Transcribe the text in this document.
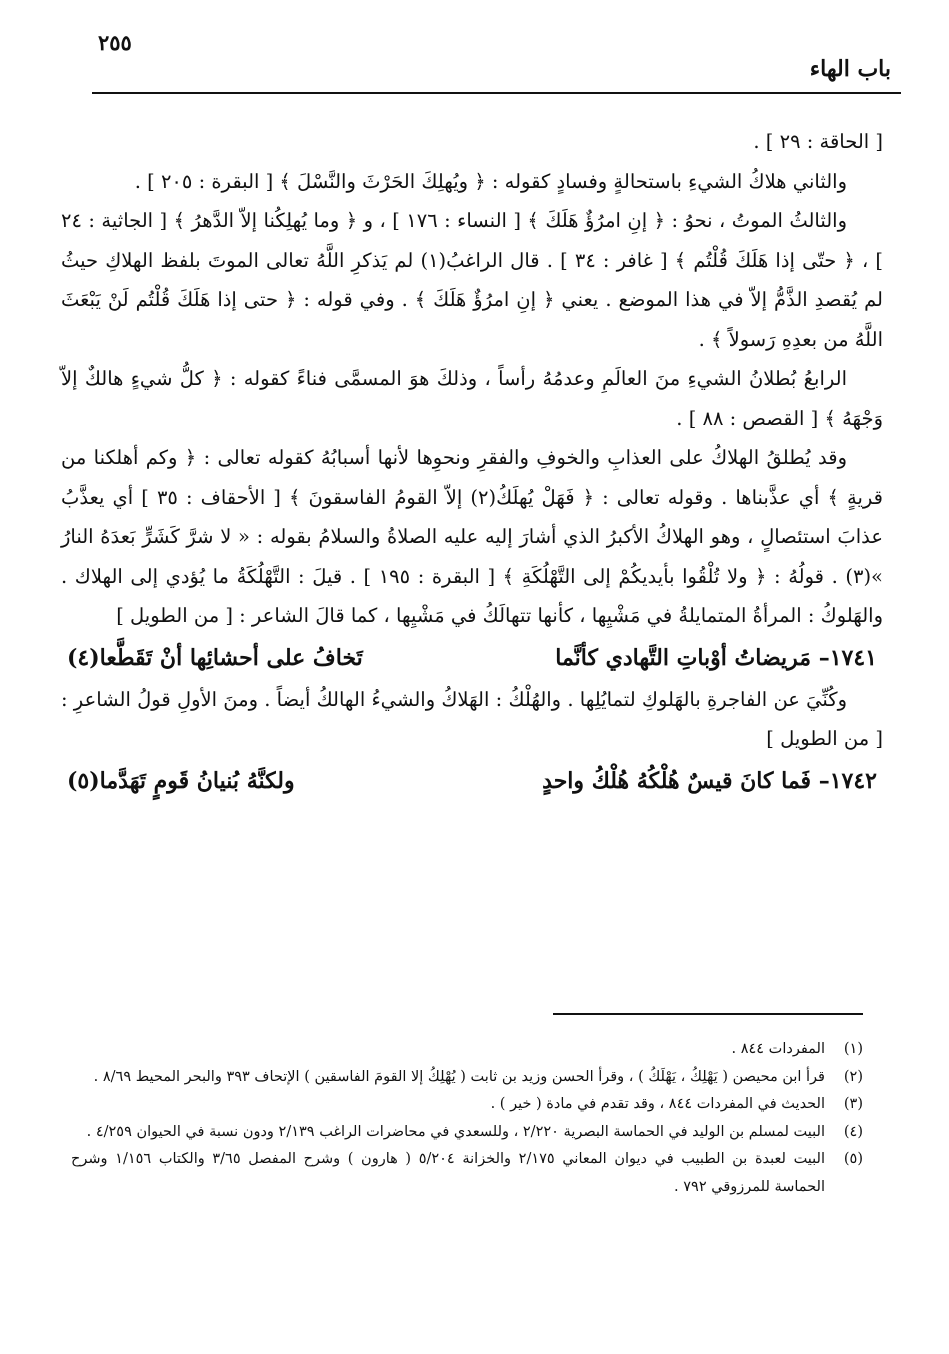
٢٥٥
باب الهاء

[ الحاقة : ٢٩ ] .

والثاني هلاكُ الشيءِ باستحالةٍ وفسادٍ كقوله : ﴿ ويُهلِكَ الحَرْثَ والنَّسْلَ ﴾ [ البقرة : ٢٠٥ ] .

والثالثُ الموتُ ، نحوُ : ﴿ إنِ امرُؤٌ هَلَكَ ﴾ [ النساء : ١٧٦ ] ، و ﴿ وما يُهلِكُنا إلاّ الدَّهرُ ﴾ [ الجاثية : ٢٤ ] ، ﴿ حتّى إذا هَلَكَ قُلْتُم ﴾ [ غافر : ٣٤ ] . قال الراغبُ(١) لم يَذكرِ اللَّهُ تعالى الموتَ بلفظ الهلاكِ حيثُ لم يُقصدِ الذَّمُّ إلاّ في هذا الموضع . يعني ﴿ إنِ امرُؤٌ هَلَكَ ﴾ . وفي قوله : ﴿ حتى إذا هَلَكَ قُلْتُم لَنْ يَبْعَثَ اللَّهُ من بعدِهِ رَسولاً ﴾ .

الرابعُ بُطلانُ الشيءِ منَ العالَمِ وعدمُهُ رأساً ، وذلكَ هوَ المسمَّى فناءً كقوله : ﴿ كلُّ شيءٍ هالكٌ إلاّ وَجْهَهُ ﴾ [ القصص : ٨٨ ] .

وقد يُطلقُ الهلاكُ على العذابِ والخوفِ والفقرِ ونحوِها لأنها أسبابُهُ كقوله تعالى : ﴿ وكم أهلكنا من قريةٍ ﴾ أي عذَّبناها . وقوله تعالى : ﴿ فَهَلْ يُهلَكُ(٢) إلاّ القومُ الفاسقونَ ﴾ [ الأحقاف : ٣٥ ] أي يعذَّبُ عذابَ استئصالٍ ، وهو الهلاكُ الأكبرُ الذي أشارَ إليه عليه الصلاةُ والسلامُ بقوله : « لا شرَّ كَشَرٍّ بَعدَهُ النارُ »(٣) . قولُهُ : ﴿ ولا تُلْقُوا بأيديكُمْ إلى التَّهْلُكَةِ ﴾ [ البقرة : ١٩٥ ] . قيلَ : التَّهْلُكَةُ ما يُؤدي إلى الهلاك . والهَلوكُ : المرأةُ المتمايلةُ في مَشْيِها ، كأنها تتهالَكُ في مَشْيِها ، كما قالَ الشاعر : [ من الطويل ]

١٧٤١– مَريضاتُ أوْباتِ التَّهادي كأنَّما
تَخافُ على أحشائِها أنْ تَقَطَّعا(٤)

وكُنِّيَ عن الفاجرةِ بالهَلوكِ لتمايُلِها . والهُلْكُ : الهَلاكُ والشيءُ الهالكُ أيضاً . ومنَ الأولِ قولُ الشاعرِ : [ من الطويل ]

١٧٤٢– فَما كانَ قيسٌ هُلْكُهُ هُلْكُ واحدٍ
ولكنَّهُ بُنيانُ قَومٍ تَهَدَّما(٥)
(١)
المفردات ٨٤٤ .
(٢)
قرأ ابن محيصن ( يَهْلِكُ ، يَهْلَكُ ) ، وقرأ الحسن وزيد بن ثابت ( يُهْلِكُ إلا القومَ الفاسقين ) الإتحاف ٣٩٣ والبحر المحيط ٨/٦٩ .
(٣)
الحديث في المفردات ٨٤٤ ، وقد تقدم في مادة ( خير ) .
(٤)
البيت لمسلم بن الوليد في الحماسة البصرية ٢/٢٢٠ ، وللسعدي في محاضرات الراغب ٢/١٣٩ ودون نسبة في الحيوان ٤/٢٥٩ .
(٥)
البيت لعبدة بن الطبيب في ديوان المعاني ٢/١٧٥ والخزانة ٥/٢٠٤ ( هارون ) وشرح المفصل ٣/٦٥ والكتاب ١/١٥٦ وشرح الحماسة للمرزوقي ٧٩٢ .
